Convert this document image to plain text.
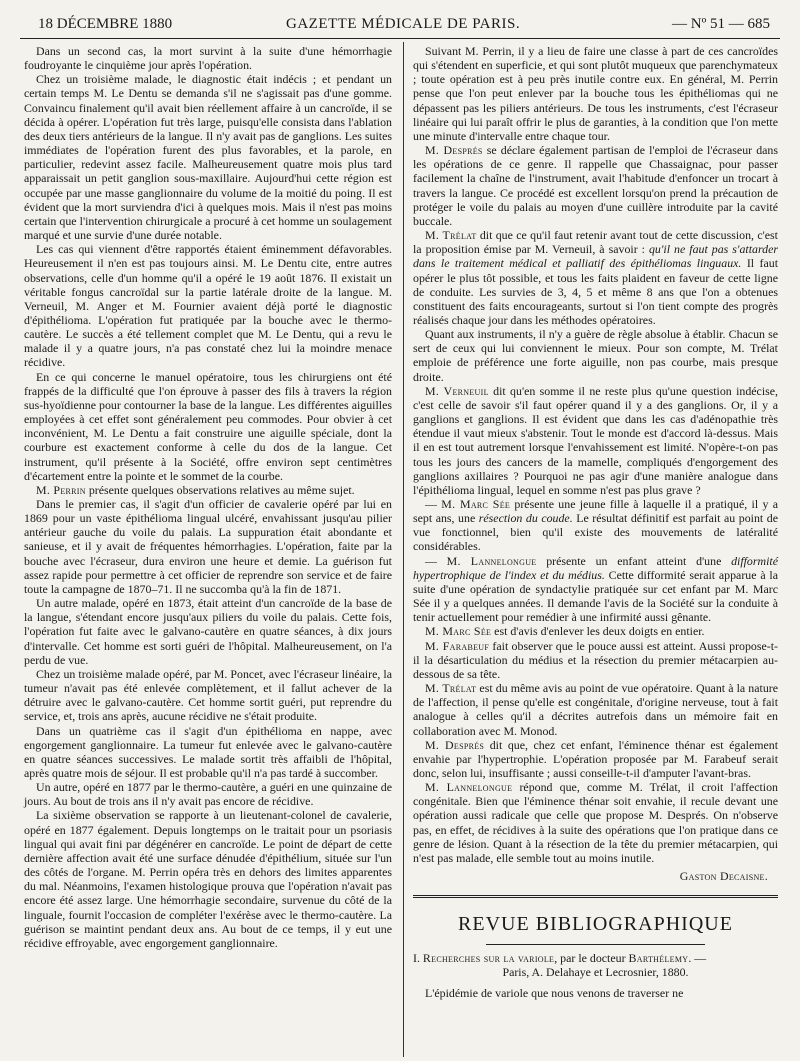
18 DÉCEMBRE 1880	GAZETTE MÉDICALE DE PARIS.	— Nº 51 — 685

Dans un second cas, la mort survint à la suite d'une hémorrhagie foudroyante le cinquième jour après l'opération.

Chez un troisième malade, le diagnostic était indécis ; et pendant un certain temps M. Le Dentu se demanda s'il ne s'agissait pas d'une gomme. Convaincu finalement qu'il avait bien réellement affaire à un cancroïde, il se décida à opérer. L'opération fut très large, puisqu'elle consista dans l'ablation des deux tiers antérieurs de la langue. Il n'y avait pas de ganglions. Les suites immédiates de l'opération furent des plus favorables, et la parole, en particulier, redevint assez facile. Malheureusement quatre mois plus tard apparaissait un petit ganglion sous-maxillaire. Aujourd'hui cette région est occupée par une masse ganglionnaire du volume de la moitié du poing. Il est évident que la mort surviendra d'ici à quelques mois. Mais il n'est pas moins certain que l'intervention chirurgicale a procuré à cet homme un soulagement marqué et une survie d'une durée notable.

Les cas qui viennent d'être rapportés étaient éminemment défavorables. Heureusement il n'en est pas toujours ainsi. M. Le Dentu cite, entre autres observations, celle d'un homme qu'il a opéré le 19 août 1876. Il existait un véritable fongus cancroïdal sur la partie latérale droite de la langue. M. Verneuil, M. Anger et M. Fournier avaient déjà porté le diagnostic d'épithélioma. L'opération fut pratiquée par la bouche avec le thermo-cautère. Le succès a été tellement complet que M. Le Dentu, qui a revu le malade il y a quatre jours, n'a pas constaté chez lui la moindre menace récidive.

En ce qui concerne le manuel opératoire, tous les chirurgiens ont été frappés de la difficulté que l'on éprouve à passer des fils à travers la région sus-hyoïdienne pour contourner la base de la langue. Les différentes aiguilles employées à cet effet sont généralement peu commodes. Pour obvier à cet inconvénient, M. Le Dentu a fait construire une aiguille spéciale, dont la courbure est exactement conforme à celle du dos de la langue. Cet instrument, qu'il présente à la Société, offre environ sept centimètres d'écartement entre la pointe et le sommet de la courbe.

M. Perrin présente quelques observations relatives au même sujet.

Dans le premier cas, il s'agit d'un officier de cavalerie opéré par lui en 1869 pour un vaste épithélioma lingual ulcéré, envahissant jusqu'au pilier antérieur gauche du voile du palais. La suppuration était abondante et sanieuse, et il y avait de fréquentes hémorrhagies. L'opération, faite par la bouche avec l'écraseur, dura environ une heure et demie. La guérison fut assez rapide pour permettre à cet officier de reprendre son service et de faire toute la campagne de 1870–71. Il ne succomba qu'à la fin de 1871.

Un autre malade, opéré en 1873, était atteint d'un cancroïde de la base de la langue, s'étendant encore jusqu'aux piliers du voile du palais. Cette fois, l'opération fut faite avec le galvano-cautère en quatre séances, à dix jours d'intervalle. Cet homme est sorti guéri de l'hôpital. Malheureusement, on l'a perdu de vue.

Chez un troisième malade opéré, par M. Poncet, avec l'écraseur linéaire, la tumeur n'avait pas été enlevée complètement, et il fallut achever de la détruire avec le galvano-cautère. Cet homme sortit guéri, put reprendre du service, et, trois ans après, aucune récidive ne s'était produite.

Dans un quatrième cas il s'agit d'un épithélioma en nappe, avec engorgement ganglionnaire. La tumeur fut enlevée avec le galvano-cautère en quatre séances successives. Le malade sortit très affaibli de l'hôpital, après quatre mois de séjour. Il est probable qu'il n'a pas tardé à succomber.

Un autre, opéré en 1877 par le thermo-cautère, a guéri en une quinzaine de jours. Au bout de trois ans il n'y avait pas encore de récidive.

La sixième observation se rapporte à un lieutenant-colonel de cavalerie, opéré en 1877 également. Depuis longtemps on le traitait pour un psoriasis lingual qui avait fini par dégénérer en cancroïde. Le point de départ de cette dernière affection avait été une surface dénudée d'épithélium, située sur l'un des côtés de l'organe. M. Perrin opéra très en dehors des limites apparentes du mal. Néanmoins, l'examen histologique prouva que l'opération n'avait pas encore été assez large. Une hémorrhagie secondaire, survenue du côté de la linguale, fournit l'occasion de compléter l'exérèse avec le thermo-cautère. La guérison se maintint pendant deux ans. Au bout de ce temps, il y eut une récidive effroyable, avec engorgement ganglionnaire.

Suivant M. Perrin, il y a lieu de faire une classe à part de ces cancroïdes qui s'étendent en superficie, et qui sont plutôt muqueux que parenchymateux ; toute opération est à peu près inutile contre eux. En général, M. Perrin pense que l'on peut enlever par la bouche tous les épithéliomas qui ne dépassent pas les piliers antérieurs. De tous les instruments, c'est l'écraseur linéaire qui lui paraît offrir le plus de garanties, à la condition que l'on mette une minute d'intervalle entre chaque tour.

M. Després se déclare également partisan de l'emploi de l'écraseur dans les opérations de ce genre. Il rappelle que Chassaignac, pour passer facilement la chaîne de l'instrument, avait l'habitude d'enfoncer un trocart à travers la langue. Ce procédé est excellent lorsqu'on prend la précaution de protéger le voile du palais au moyen d'une cuillère introduite par la cavité buccale.

M. Trélat dit que ce qu'il faut retenir avant tout de cette discussion, c'est la proposition émise par M. Verneuil, à savoir : qu'il ne faut pas s'attarder dans le traitement médical et palliatif des épithéliomas linguaux. Il faut opérer le plus tôt possible, et tous les faits plaident en faveur de cette ligne de conduite. Les survies de 3, 4, 5 et même 8 ans que l'on a obtenues constituent des faits encourageants, surtout si l'on tient compte des progrès réalisés chaque jour dans les méthodes opératoires.

Quant aux instruments, il n'y a guère de règle absolue à établir. Chacun se sert de ceux qui lui conviennent le mieux. Pour son compte, M. Trélat emploie de préférence une forte aiguille, non pas courbe, mais presque droite.

M. Verneuil dit qu'en somme il ne reste plus qu'une question indécise, c'est celle de savoir s'il faut opérer quand il y a des ganglions. Or, il y a ganglions et ganglions. Il est évident que dans les cas d'adénopathie très étendue il vaut mieux s'abstenir. Tout le monde est d'accord là-dessus. Mais il en est tout autrement lorsque l'envahissement est limité. N'opère-t-on pas tous les jours des cancers de la mamelle, compliqués d'engorgement des ganglions axillaires ? Pourquoi ne pas agir d'une manière analogue dans l'épithélioma lingual, lequel en somme n'est pas plus grave ?

— M. Marc Sée présente une jeune fille à laquelle il a pratiqué, il y a sept ans, une résection du coude. Le résultat définitif est parfait au point de vue fonctionnel, bien qu'il existe des mouvements de latéralité considérables.

— M. Lannelongue présente un enfant atteint d'une difformité hypertrophique de l'index et du médius. Cette difformité serait apparue à la suite d'une opération de syndactylie pratiquée sur cet enfant par M. Marc Sée il y a quelques années. Il demande l'avis de la Société sur la conduite à tenir actuellement pour remédier à une infirmité aussi gênante.

M. Marc Sée est d'avis d'enlever les deux doigts en entier.

M. Farabeuf fait observer que le pouce aussi est atteint. Aussi propose-t-il la désarticulation du médius et la résection du premier métacarpien au-dessous de sa tête.

M. Trélat est du même avis au point de vue opératoire. Quant à la nature de l'affection, il pense qu'elle est congénitale, d'origine nerveuse, tout à fait analogue à celles qu'il a décrites autrefois dans un mémoire fait en collaboration avec M. Monod.

M. Després dit que, chez cet enfant, l'éminence thénar est également envahie par l'hypertrophie. L'opération proposée par M. Farabeuf serait donc, selon lui, insuffisante ; aussi conseille-t-il d'amputer l'avant-bras.

M. Lannelongue répond que, comme M. Trélat, il croit l'affection congénitale. Bien que l'éminence thénar soit envahie, il recule devant une opération aussi radicale que celle que propose M. Després. On n'observe pas, en effet, de récidives à la suite des opérations que l'on pratique dans ce genre de lésion. Quant à la résection de la tête du premier métacarpien, qui n'est pas malade, elle semble tout au moins inutile.

Gaston Decaisne.
REVUE BIBLIOGRAPHIQUE

I. Recherches sur la variole, par le docteur Barthélemy. —

Paris, A. Delahaye et Lecrosnier, 1880.

L'épidémie de variole que nous venons de traverser ne
